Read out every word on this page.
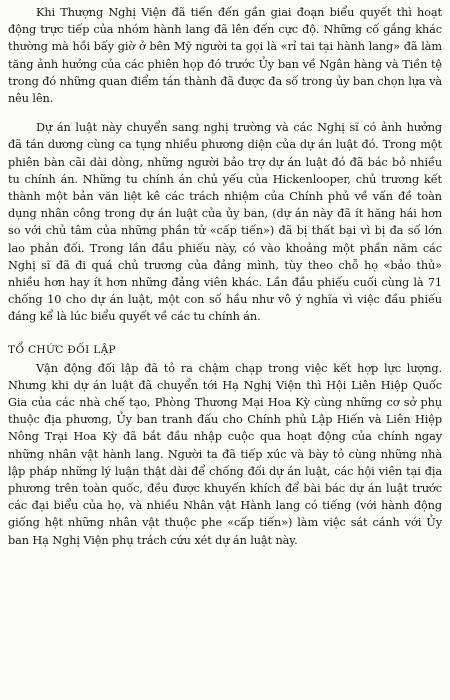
Khi Thượng Nghị Viện đã tiến đến gần giai đoạn biểu quyết thì hoạt động trực tiếp của nhóm hành lang đã lên đến cực độ. Những cố gắng khác thường mà hồi bấy giờ ở bên Mỹ người ta gọi là «rỉ tai tại hành lang» đã làm tăng ảnh hưởng của các phiên họp đó trước Ủy ban về Ngân hàng và Tiền tệ trong đó những quan điểm tán thành đã được đa số trong ủy ban chọn lựa và nêu lên.

Dự án luật này chuyển sang nghị trường và các Nghị sĩ có ảnh hưởng đã tán dương cùng ca tụng nhiều phương diện của dự án luật đó. Trong một phiên bàn cãi dài dòng, những người bảo trợ dự án luật đó đã bác bỏ nhiều tu chính án. Những tu chính án chủ yếu của Hickenlooper, chủ trương kết thành một bản văn liệt kê các trách nhiệm của Chính phủ về vấn đề toàn dụng nhân công trong dự án luật của ủy ban, (dự án này đã ít hăng hái hơn so với chủ tâm của những phần tử «cấp tiến») đã bị thất bại vì bị đa số lớn lao phản đối. Trong lần đầu phiếu này, có vào khoảng một phần năm các Nghị sĩ đã đi quá chủ trương của đảng mình, tùy theo chỗ họ «bảo thủ» nhiều hơn hay ít hơn những đảng viên khác. Lần đầu phiếu cuối cùng là 71 chống 10 cho dự án luật, một con số hầu như vô ý nghĩa vì việc đầu phiếu đáng kể là lúc biểu quyết về các tu chính án.

TỔ CHỨC ĐỐI LẬP

Vận động đối lập đã tỏ ra chậm chạp trong việc kết hợp lực lượng. Nhưng khi dự án luật đã chuyển tới Hạ Nghị Viện thì Hội Liên Hiệp Quốc Gia của các nhà chế tạo, Phòng Thương Mại Hoa Kỳ cùng những cơ sở phụ thuộc địa phương, Ủy ban tranh đấu cho Chính phủ Lập Hiến và Liên Hiệp Nông Trại Hoa Kỳ đã bắt đầu nhập cuộc qua hoạt động của chính ngay những nhân vật hành lang. Người ta đã tiếp xúc và bày tỏ cùng những nhà lập pháp những lý luận thật dài để chống đối dự án luật, các hội viên tại địa phương trên toàn quốc, đều được khuyến khích để bài bác dự án luật trước các đại biểu của họ, và nhiều Nhân vật Hành lang có tiếng (với hành động giống hệt những nhân vật thuộc phe «cấp tiến») làm việc sát cánh với Ủy ban Hạ Nghị Viện phụ trách cứu xét dự án luật này.
